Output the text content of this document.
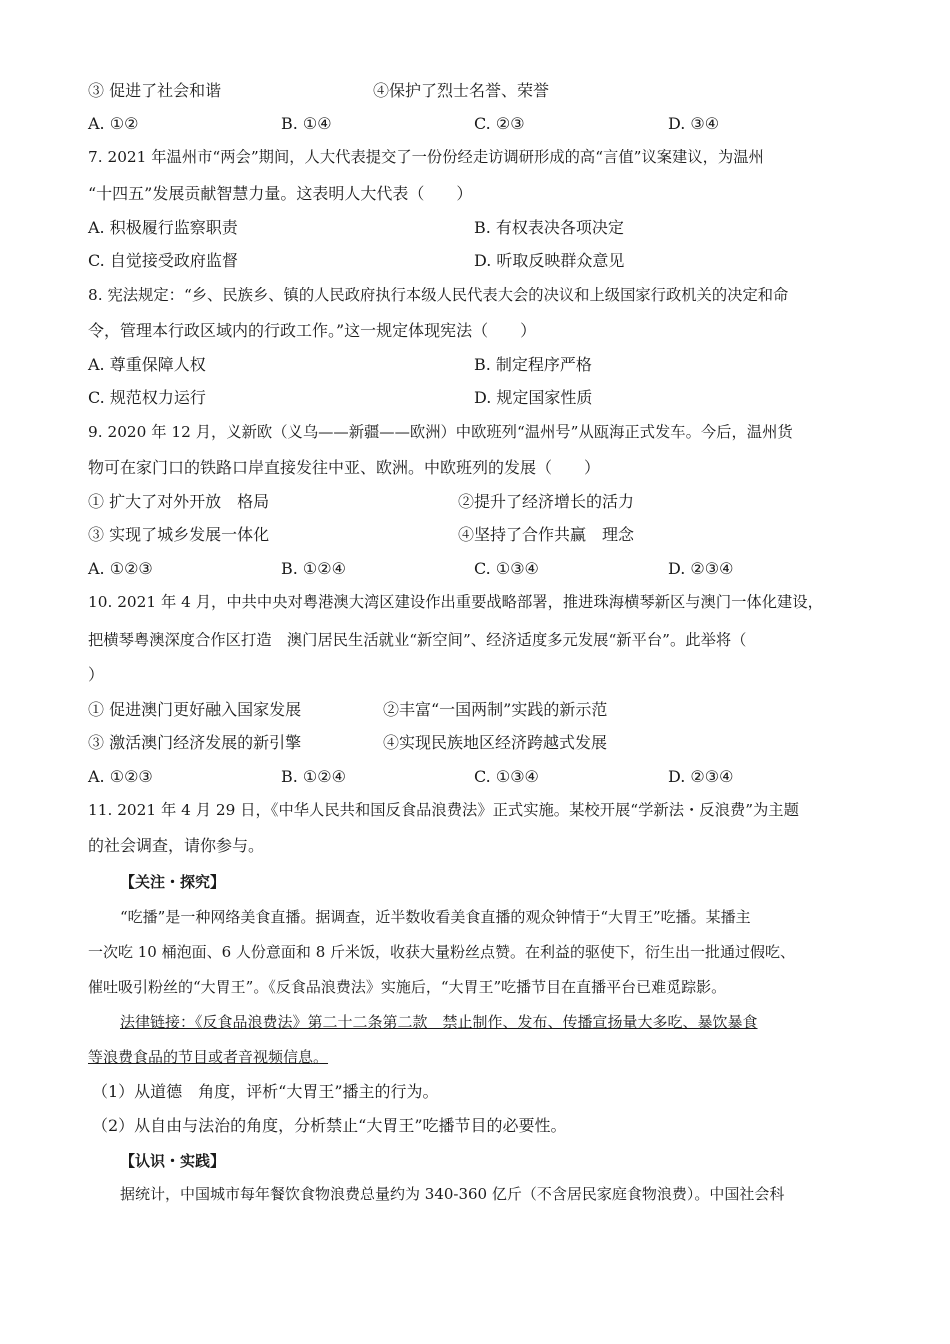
③ 促进了社会和谐	④保护了烈士名誉、荣誉
A. ①②	B. ①④	C. ②③	D. ③④
7. 2021 年温州市“两会”期间，人大代表提交了一份份经走访调研形成的高“言值”议案建议，为温州
“十四五”发展贡献智慧力量。这表明人大代表（　　）
A. 积极履行监察职责	B. 有权表决各项决定
C. 自觉接受政府监督	D. 听取反映群众意见
8. 宪法规定：“乡、民族乡、镇的人民政府执行本级人民代表大会的决议和上级国家行政机关的决定和命
令，管理本行政区域内的行政工作。”这一规定体现宪法（　　）
A. 尊重保障人权	B. 制定程序严格
C. 规范权力运行	D. 规定国家性质
9. 2020 年 12 月，义新欧（义乌——新疆——欧洲）中欧班列“温州号”从瓯海正式发车。今后，温州货
物可在家门口的铁路口岸直接发往中亚、欧洲。中欧班列的发展（　　）
① 扩大了对外开放　格局	②提升了经济增长的活力
③ 实现了城乡发展一体化	④坚持了合作共赢　理念
A. ①②③	B. ①②④	C. ①③④	D. ②③④
10. 2021 年 4 月，中共中央对粤港澳大湾区建设作出重要战略部署，推进珠海横琴新区与澳门一体化建设，
把横琴粤澳深度合作区打造　澳门居民生活就业“新空间”、经济适度多元发展“新平台”。此举将（
）
① 促进澳门更好融入国家发展	②丰富“一国两制”实践的新示范
③ 激活澳门经济发展的新引擎	④实现民族地区经济跨越式发展
A. ①②③	B. ①②④	C. ①③④	D. ②③④
11. 2021 年 4 月 29 日，《中华人民共和国反食品浪费法》正式实施。某校开展“学新法・反浪费”为主题
的社会调查，请你参与。
【关注・探究】
“吃播”是一种网络美食直播。据调查，近半数收看美食直播的观众钟情于“大胃王”吃播。某播主
一次吃 10 桶泡面、6 人份意面和 8 斤米饭，收获大量粉丝点赞。在利益的驱使下，衍生出一批通过假吃、
催吐吸引粉丝的“大胃王”。《反食品浪费法》实施后，“大胃王”吃播节目在直播平台已难觅踪影。
法律链接：《反食品浪费法》第二十二条第二款　禁止制作、发布、传播宣扬量大多吃、暴饮暴食
等浪费食品的节目或者音视频信息。
（1）从道德　角度，评析“大胃王”播主的行为。
（2）从自由与法治的角度，分析禁止“大胃王”吃播节目的必要性。
【认识・实践】
据统计，中国城市每年餐饮食物浪费总量约为 340-360 亿斤（不含居民家庭食物浪费）。中国社会科
